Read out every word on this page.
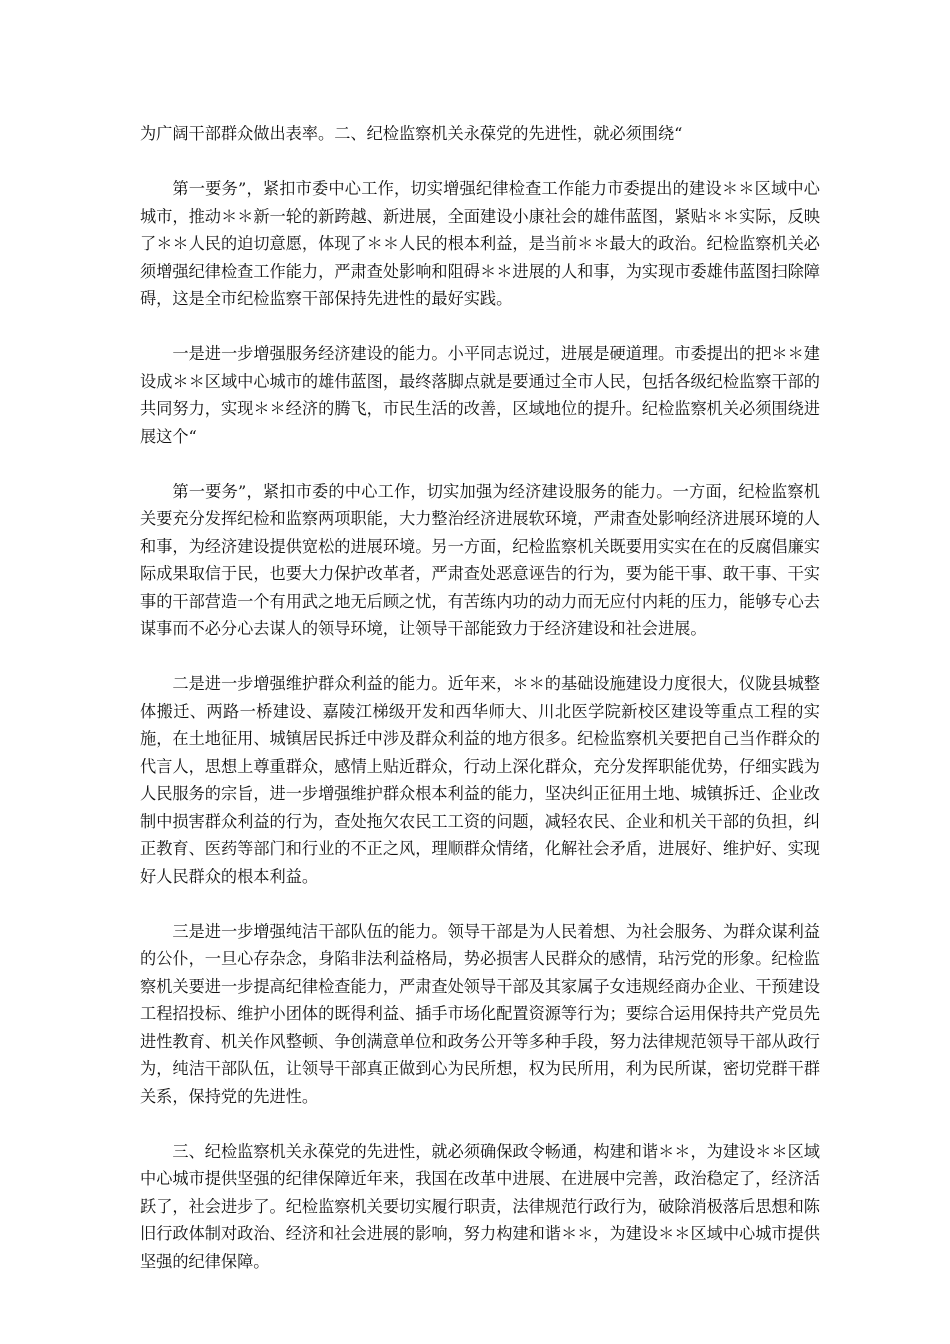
为广阔干部群众做出表率。二、纪检监察机关永葆党的先进性，就必须围绕“

第一要务”，紧扣市委中心工作，切实增强纪律检查工作能力市委提出的建设＊＊区域中心城市，推动＊＊新一轮的新跨越、新进展，全面建设小康社会的雄伟蓝图，紧贴＊＊实际，反映了＊＊人民的迫切意愿，体现了＊＊人民的根本利益，是当前＊＊最大的政治。纪检监察机关必须增强纪律检查工作能力，严肃查处影响和阻碍＊＊进展的人和事，为实现市委雄伟蓝图扫除障碍，这是全市纪检监察干部保持先进性的最好实践。

一是进一步增强服务经济建设的能力。小平同志说过，进展是硬道理。市委提出的把＊＊建设成＊＊区域中心城市的雄伟蓝图，最终落脚点就是要通过全市人民，包括各级纪检监察干部的共同努力，实现＊＊经济的腾飞，市民生活的改善，区域地位的提升。纪检监察机关必须围绕进展这个“

第一要务”，紧扣市委的中心工作，切实加强为经济建设服务的能力。一方面，纪检监察机关要充分发挥纪检和监察两项职能，大力整治经济进展软环境，严肃查处影响经济进展环境的人和事，为经济建设提供宽松的进展环境。另一方面，纪检监察机关既要用实实在在的反腐倡廉实际成果取信于民，也要大力保护改革者，严肃查处恶意诬告的行为，要为能干事、敢干事、干实事的干部营造一个有用武之地无后顾之忧，有苦练内功的动力而无应付内耗的压力，能够专心去谋事而不必分心去谋人的领导环境，让领导干部能致力于经济建设和社会进展。

二是进一步增强维护群众利益的能力。近年来，＊＊的基础设施建设力度很大，仪陇县城整体搬迁、两路一桥建设、嘉陵江梯级开发和西华师大、川北医学院新校区建设等重点工程的实施，在土地征用、城镇居民拆迁中涉及群众利益的地方很多。纪检监察机关要把自己当作群众的代言人，思想上尊重群众，感情上贴近群众，行动上深化群众，充分发挥职能优势，仔细实践为人民服务的宗旨，进一步增强维护群众根本利益的能力，坚决纠正征用土地、城镇拆迁、企业改制中损害群众利益的行为，查处拖欠农民工工资的问题，减轻农民、企业和机关干部的负担，纠正教育、医药等部门和行业的不正之风，理顺群众情绪，化解社会矛盾，进展好、维护好、实现好人民群众的根本利益。

三是进一步增强纯洁干部队伍的能力。领导干部是为人民着想、为社会服务、为群众谋利益的公仆，一旦心存杂念，身陷非法利益格局，势必损害人民群众的感情，玷污党的形象。纪检监察机关要进一步提高纪律检查能力，严肃查处领导干部及其家属子女违规经商办企业、干预建设工程招投标、维护小团体的既得利益、插手市场化配置资源等行为；要综合运用保持共产党员先进性教育、机关作风整顿、争创满意单位和政务公开等多种手段，努力法律规范领导干部从政行为，纯洁干部队伍，让领导干部真正做到心为民所想，权为民所用，利为民所谋，密切党群干群关系，保持党的先进性。

三、纪检监察机关永葆党的先进性，就必须确保政令畅通，构建和谐＊＊，为建设＊＊区域中心城市提供坚强的纪律保障近年来，我国在改革中进展、在进展中完善，政治稳定了，经济活跃了，社会进步了。纪检监察机关要切实履行职责，法律规范行政行为，破除消极落后思想和陈旧行政体制对政治、经济和社会进展的影响，努力构建和谐＊＊，为建设＊＊区域中心城市提供坚强的纪律保障。
